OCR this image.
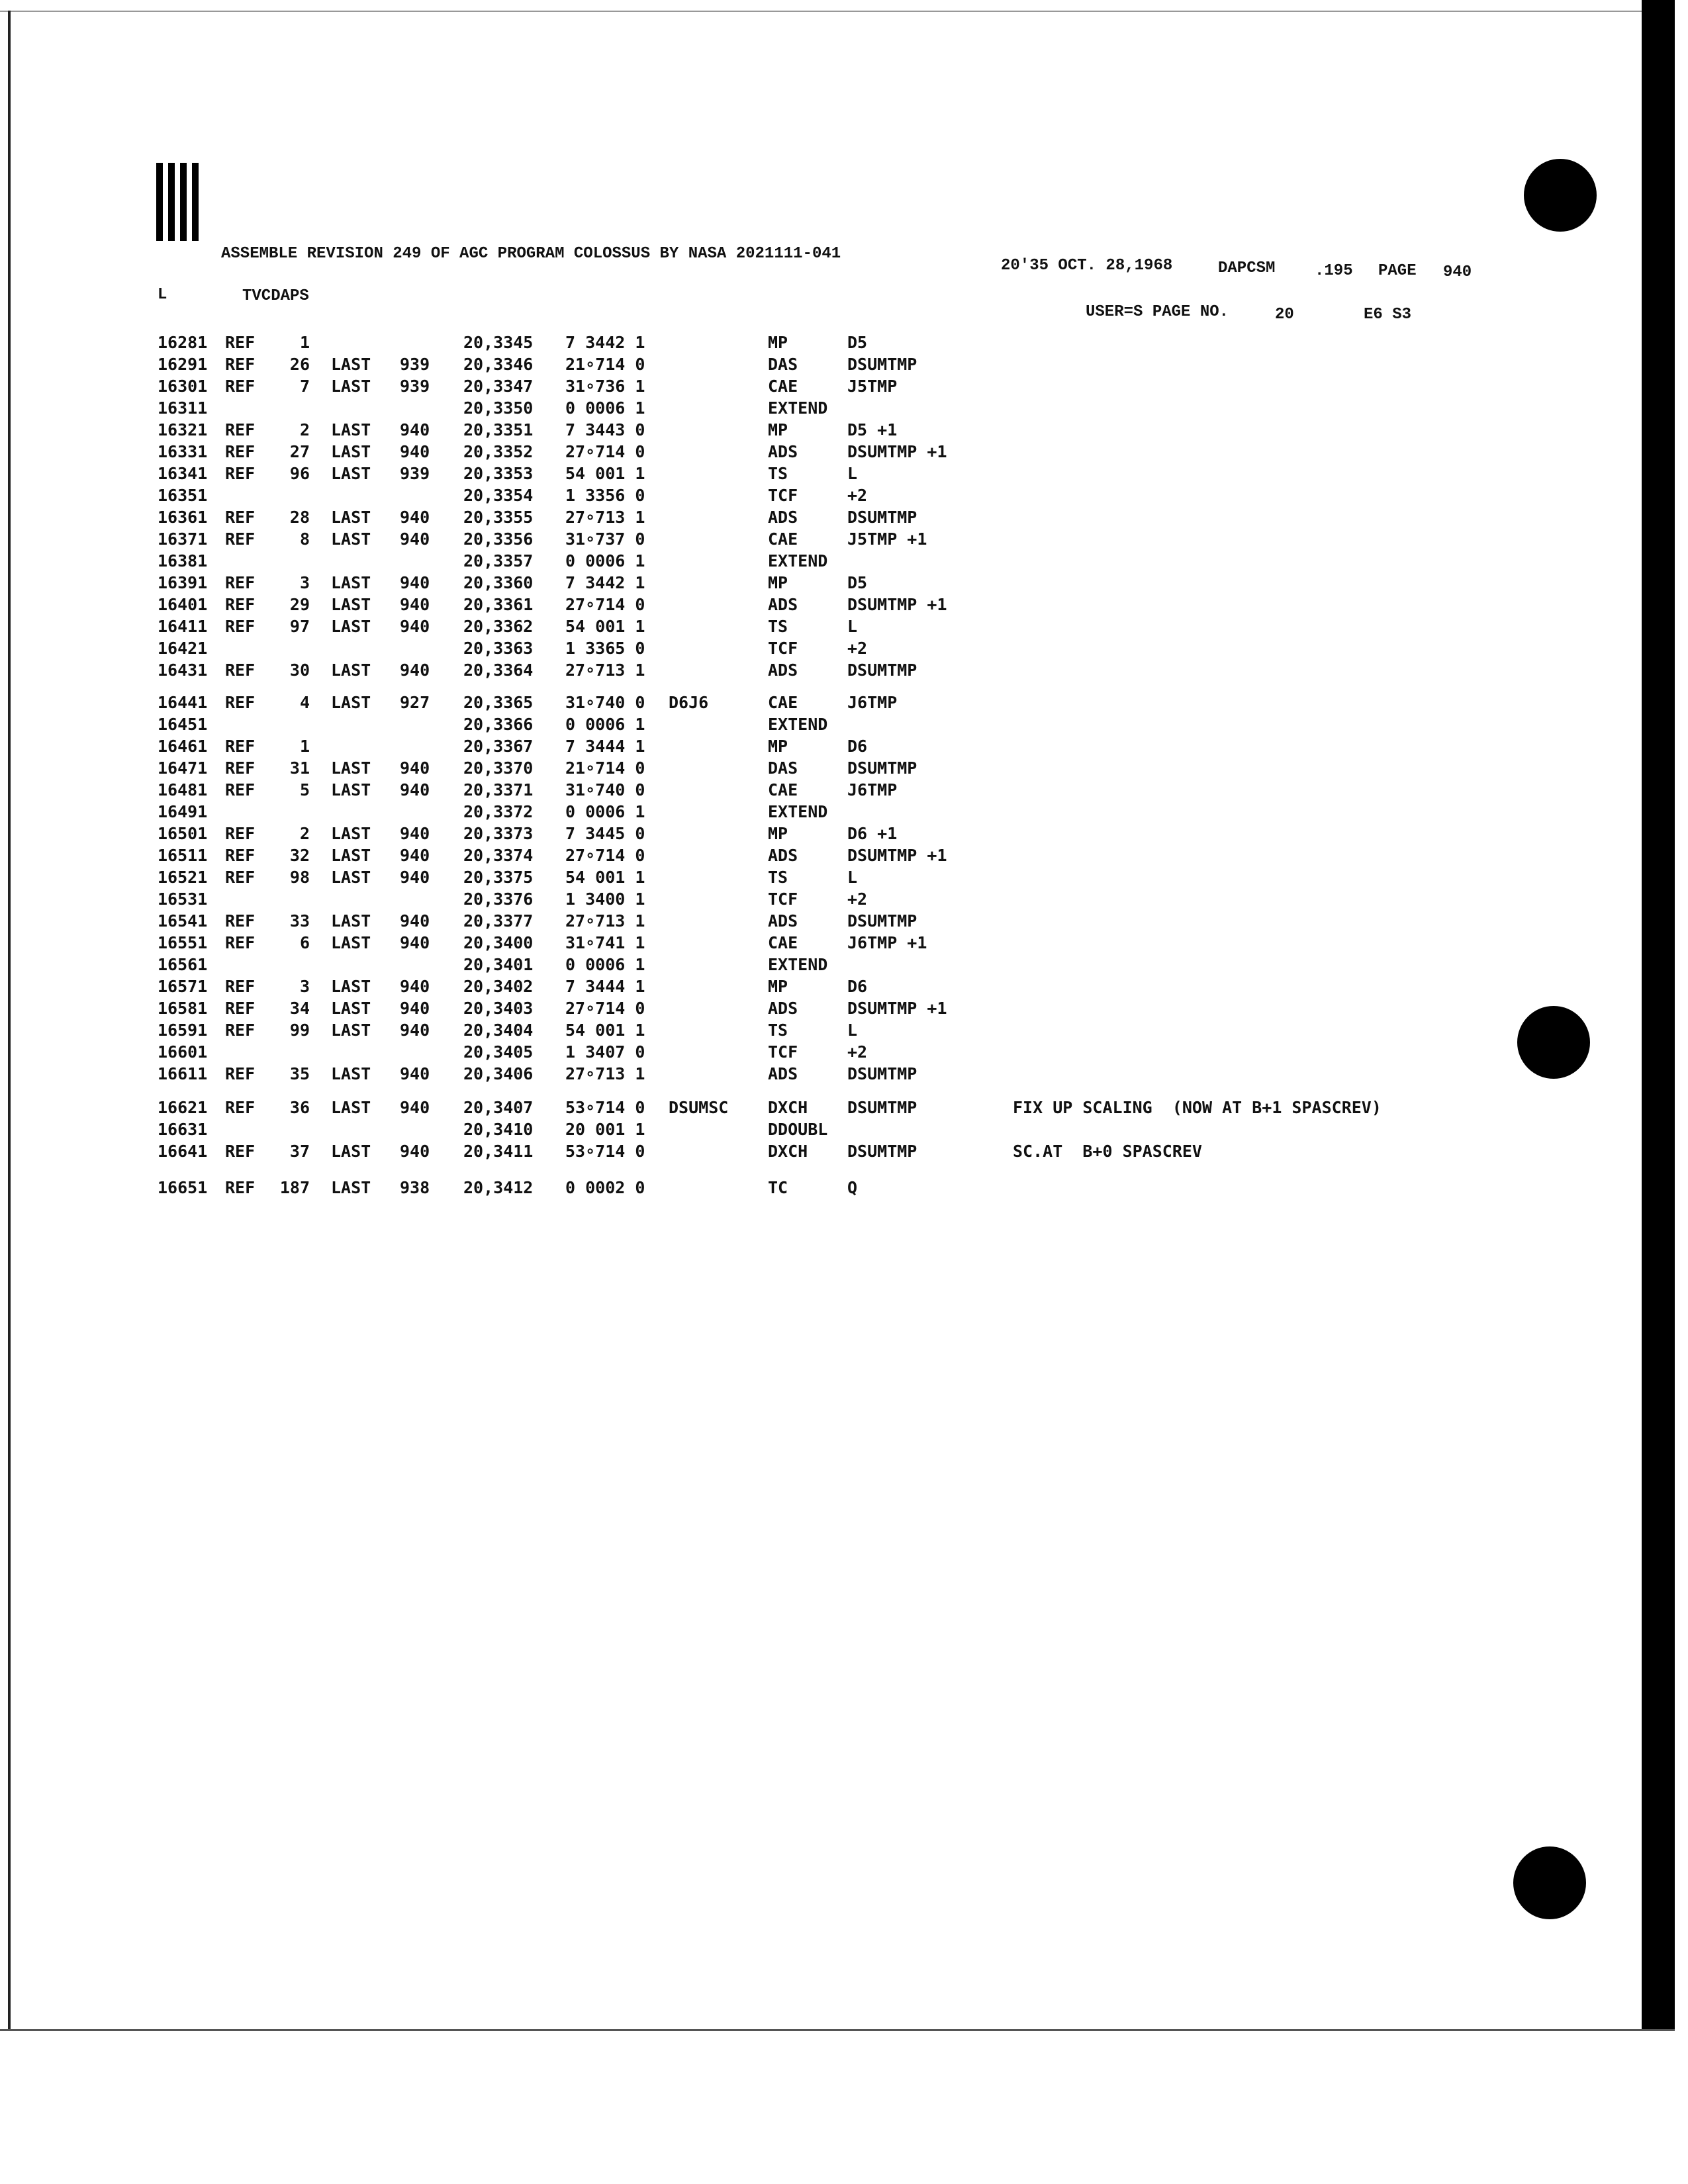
ASSEMBLE REVISION 249 OF AGC PROGRAM COLOSSUS BY NASA 2021111-041
20'35 OCT. 28,1968	DAPCSM .195 PAGE 940
L	TVCDAPS
USER=S PAGE NO.	20	E6 S3
16281 REF	1	20,3345 7 3442 1	MP	D5
16291 REF	26 LAST 939 20,3346 21∘714 0	DAS	DSUMTMP
16301 REF	7 LAST 939 20,3347 31∘736 1	CAE	J5TMP
16311	20,3350 0 0006 1	EXTEND
16321 REF	2 LAST 940 20,3351 7 3443 0	MP	D5 +1
16331 REF	27 LAST 940 20,3352 27∘714 0	ADS	DSUMTMP +1
16341 REF	96 LAST 939 20,3353 54 001 1	TS	L
16351	20,3354 1 3356 0	TCF	+2
16361 REF	28 LAST 940 20,3355 27∘713 1	ADS	DSUMTMP
16371 REF	8 LAST 940 20,3356 31∘737 0	CAE	J5TMP +1
16381	20,3357 0 0006 1	EXTEND
16391 REF	3 LAST 940 20,3360 7 3442 1	MP	D5
16401 REF	29 LAST 940 20,3361 27∘714 0	ADS	DSUMTMP +1
16411 REF	97 LAST 940 20,3362 54 001 1	TS	L
16421	20,3363 1 3365 0	TCF	+2
16431 REF	30 LAST 940 20,3364 27∘713 1	ADS	DSUMTMP
16441 REF	4 LAST 927 20,3365 31∘740 0 D6J6	CAE	J6TMP
16451	20,3366 0 0006 1	EXTEND
16461 REF	1	20,3367 7 3444 1	MP	D6
16471 REF	31 LAST 940 20,3370 21∘714 0	DAS	DSUMTMP
16481 REF	5 LAST 940 20,3371 31∘740 0	CAE	J6TMP
16491	20,3372 0 0006 1	EXTEND
16501 REF	2 LAST 940 20,3373 7 3445 0	MP	D6 +1
16511 REF	32 LAST 940 20,3374 27∘714 0	ADS	DSUMTMP +1
16521 REF	98 LAST 940 20,3375 54 001 1	TS	L
16531	20,3376 1 3400 1	TCF	+2
16541 REF	33 LAST 940 20,3377 27∘713 1	ADS	DSUMTMP
16551 REF	6 LAST 940 20,3400 31∘741 1	CAE	J6TMP +1
16561	20,3401 0 0006 1	EXTEND
16571 REF	3 LAST 940 20,3402 7 3444 1	MP	D6
16581 REF	34 LAST 940 20,3403 27∘714 0	ADS	DSUMTMP +1
16591 REF	99 LAST 940 20,3404 54 001 1	TS	L
16601	20,3405 1 3407 0	TCF	+2
16611 REF	35 LAST 940 20,3406 27∘713 1	ADS	DSUMTMP
16621 REF	36 LAST 940 20,3407 53∘714 0 DSUMSC DXCH DSUMTMP	FIX UP SCALING  (NOW AT B+1 SPASCREV)
16631	20,3410 20 001 1	DDOUBL
16641 REF	37 LAST 940 20,3411 53∘714 0	DXCH DSUMTMP	SC.AT  B+0 SPASCREV
16651 REF	187 LAST 938 20,3412 0 0002 0	TC	Q
